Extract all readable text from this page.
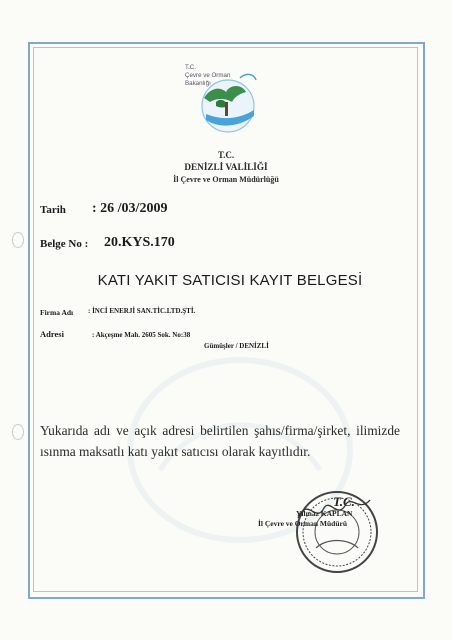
T.C.
Çevre ve Orman
Bakanlığı
T.C.
DENİZLİ VALİLİĞİ
İl Çevre ve Orman Müdürlüğü
Tarih : 26 /03/2009
Belge No : 20.KYS.170
KATI YAKIT SATICISI KAYIT BELGESİ
Firma Adı : İNCİ ENERJİ SAN.TİC.LTD.ŞTİ.
Adresi	: Akçeşme Mah. 2605 Sok. No:38
Gümüşler / DENİZLİ
Yukarıda adı ve açık adresi belirtilen şahıs/firma/şirket, ilimizde ısınma maksatlı katı yakıt satıcısı olarak kayıtlıdır.
T.C.
Yılmaz KAPLAN
İl Çevre ve Orman Müdürü
